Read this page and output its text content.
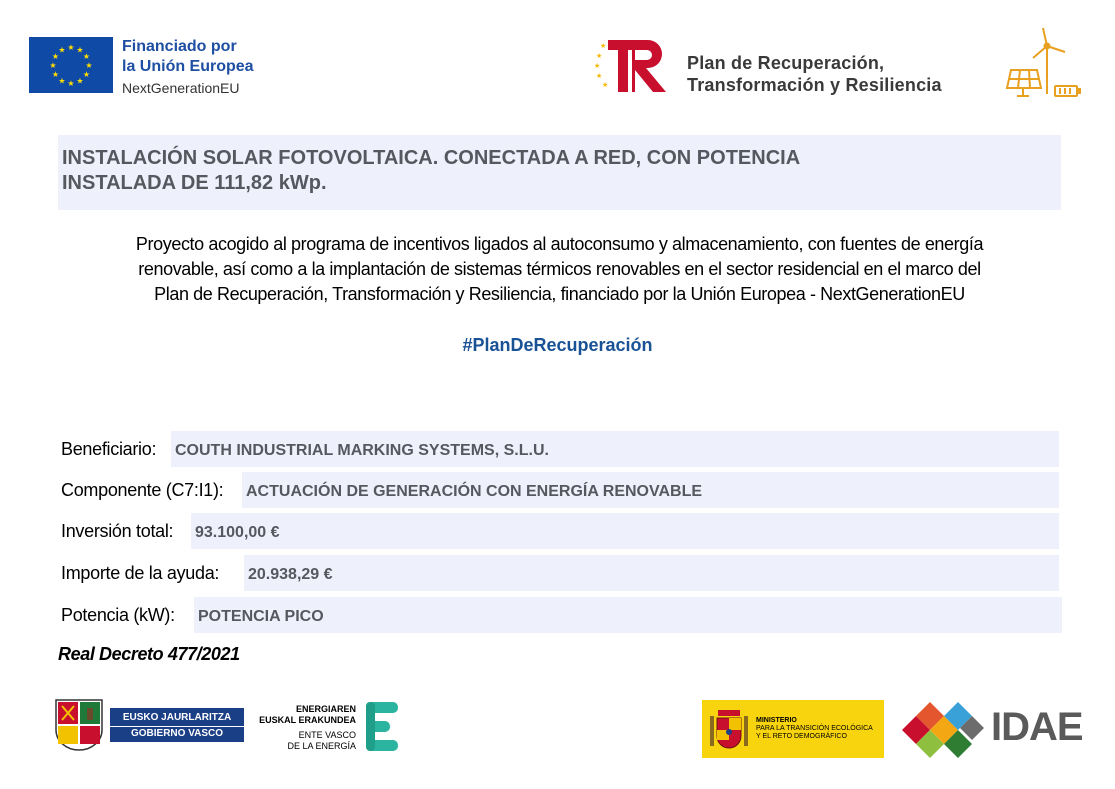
★ ★
★
★
★
★
★
★
★
★
★
★	Financiado por
la Unión Europea
NextGenerationEU
★
★
★
★
★
Plan de Recuperación,
Transformación y Resiliencia
INSTALACIÓN SOLAR FOTOVOLTAICA. CONECTADA A RED, CON POTENCIA
INSTALADA DE 111,82 kWp.
Proyecto acogido al programa de incentivos ligados al autoconsumo y almacenamiento, con fuentes de energía
renovable, así como a la implantación de sistemas térmicos renovables en el sector residencial en el marco del
Plan de Recuperación, Transformación y Resiliencia, financiado por la Unión Europea - NextGenerationEU
#PlanDeRecuperación
Beneficiario: COUTH INDUSTRIAL MARKING SYSTEMS, S.L.U.
Componente (C7:I1): ACTUACIÓN DE GENERACIÓN CON ENERGÍA RENOVABLE
Inversión total: 93.100,00 €
Importe de la ayuda: 20.938,29 €
Potencia (kW): POTENCIA PICO
Real Decreto 477/2021
EUSKO JAURLARITZA
GOBIERNO VASCO
ENERGIAREN
EUSKAL ERAKUNDEA
ENTE VASCO
DE LA ENERGÍA
MINISTERIO
PARA LA TRANSICIÓN ECOLÓGICA
Y EL RETO DEMOGRÁFICO	IDAE
